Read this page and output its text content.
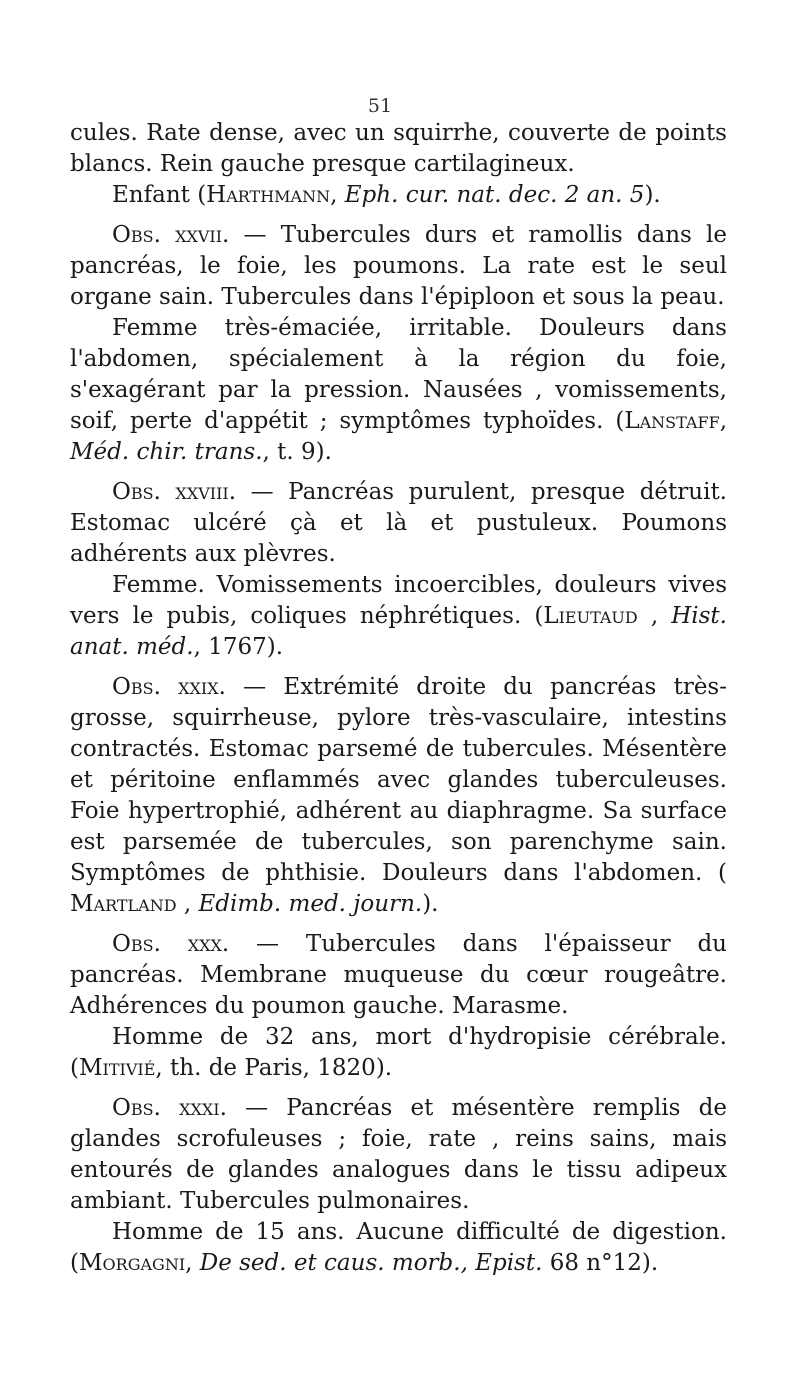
51

cules. Rate dense, avec un squirrhe, couverte de points blancs. Rein gauche presque cartilagineux.

Enfant (Harthmann, Eph. cur. nat. dec. 2 an. 5).

Obs. xxvii. — Tubercules durs et ramollis dans le pancréas, le foie, les poumons. La rate est le seul organe sain. Tubercules dans l'épiploon et sous la peau.

Femme très-émaciée, irritable. Douleurs dans l'abdomen, spécialement à la région du foie, s'exagérant par la pression. Nausées , vomissements, soif, perte d'appétit ; symptômes typhoïdes. (Lanstaff, Méd. chir. trans., t. 9).

Obs. xxviii. — Pancréas purulent, presque détruit. Estomac ulcéré çà et là et pustuleux. Poumons adhérents aux plèvres.

Femme. Vomissements incoercibles, douleurs vives vers le pubis, coliques néphrétiques. (Lieutaud , Hist. anat. méd., 1767).

Obs. xxix. — Extrémité droite du pancréas très-grosse, squirrheuse, pylore très-vasculaire, intestins contractés. Estomac parsemé de tubercules. Mésentère et péritoine enflammés avec glandes tuberculeuses. Foie hypertrophié, adhérent au diaphragme. Sa surface est parsemée de tubercules, son parenchyme sain. Symptômes de phthisie. Douleurs dans l'abdomen. ( Martland , Edimb. med. journ.).

Obs. xxx. — Tubercules dans l'épaisseur du pancréas. Membrane muqueuse du cœur rougeâtre. Adhérences du poumon gauche. Marasme.

Homme de 32 ans, mort d'hydropisie cérébrale. (Mitivié, th. de Paris, 1820).

Obs. xxxi. — Pancréas et mésentère remplis de glandes scrofuleuses ; foie, rate , reins sains, mais entourés de glandes analogues dans le tissu adipeux ambiant. Tubercules pulmonaires.

Homme de 15 ans. Aucune difficulté de digestion. (Morgagni, De sed. et caus. morb., Epist. 68 n°12).
